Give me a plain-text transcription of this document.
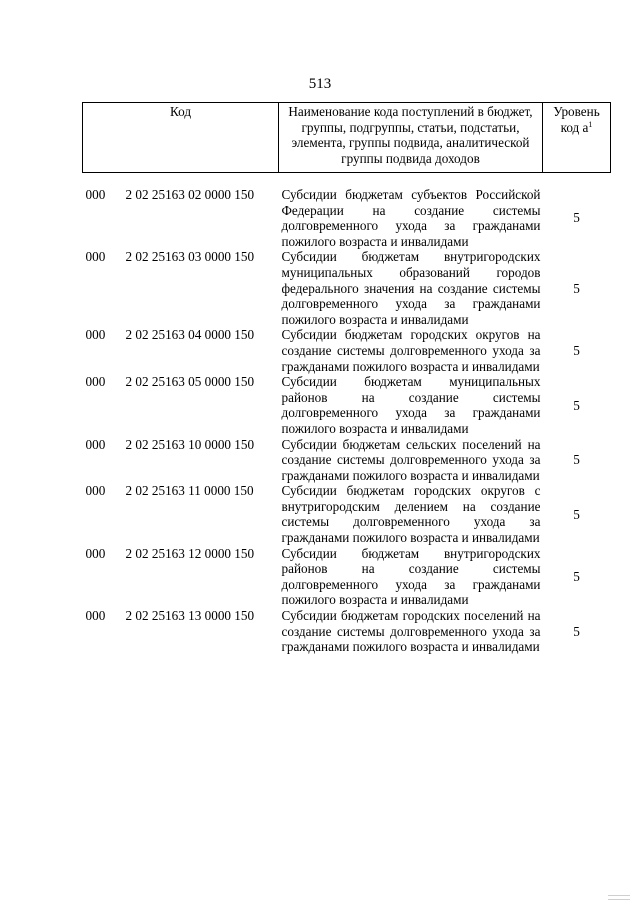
513
Код	Наименование кода поступлений в бюджет, группы, подгруппы, статьи, подстатьи, элемента, группы подвида, аналитической группы подвида доходов	Уровень код $а^1$

000 2 02 25163 02 0000 150	Субсидии бюджетам субъектов Российской Федерации на создание системы долговременного ухода за гражданами пожилого возраста и инвалидами	5

000 2 02 25163 03 0000 150	Субсидии бюджетам внутригородских муниципальных образований городов федерального значения на создание системы долговременного ухода за гражданами пожилого возраста и инвалидами	5

000 2 02 25163 04 0000 150	Субсидии бюджетам городских округов на создание системы долговременного ухода за гражданами пожилого возраста и инвалидами	5

000 2 02 25163 05 0000 150	Субсидии бюджетам муниципальных районов на создание системы долговременного ухода за гражданами пожилого возраста и инвалидами	5

000 2 02 25163 10 0000 150	Субсидии бюджетам сельских поселений на создание системы долговременного ухода за гражданами пожилого возраста и инвалидами	5

000 2 02 25163 11 0000 150	Субсидии бюджетам городских округов с внутригородским делением на создание системы долговременного ухода за гражданами пожилого возраста и инвалидами	5

000 2 02 25163 12 0000 150	Субсидии бюджетам внутригородских районов на создание системы долговременного ухода за гражданами пожилого возраста и инвалидами	5

000 2 02 25163 13 0000 150	Субсидии бюджетам городских поселений на создание системы долговременного ухода за гражданами пожилого возраста и инвалидами	5
